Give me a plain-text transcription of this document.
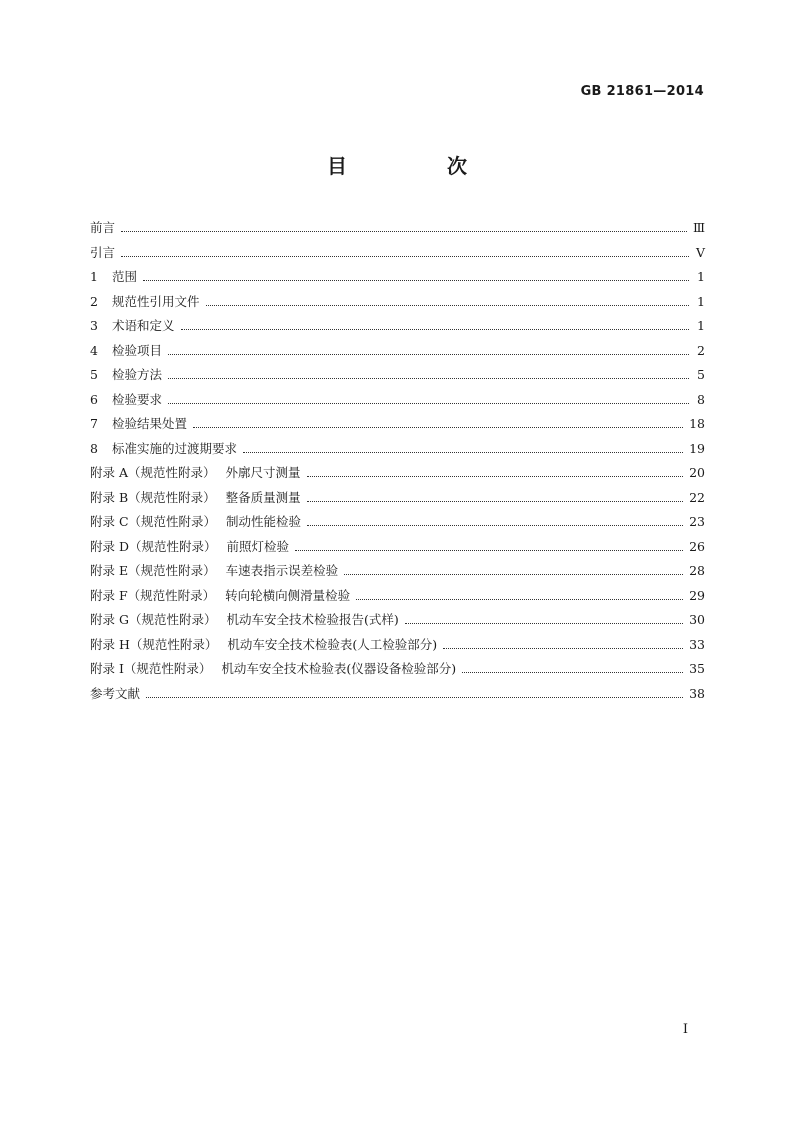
GB 21861—2014
目　次
前言	Ⅲ
引言	Ⅴ
1 范围	1
2 规范性引用文件	1
3 术语和定义	1
4 检验项目	2
5 检验方法	5
6 检验要求	8
7 检验结果处置	18
8 标准实施的过渡期要求	19
附录 A（规范性附录） 外廓尺寸测量	20
附录 B（规范性附录） 整备质量测量	22
附录 C（规范性附录） 制动性能检验	23
附录 D（规范性附录） 前照灯检验	26
附录 E（规范性附录） 车速表指示误差检验	28
附录 F（规范性附录） 转向轮横向侧滑量检验	29
附录 G（规范性附录） 机动车安全技术检验报告(式样)	30
附录 H（规范性附录） 机动车安全技术检验表(人工检验部分)	33
附录 I（规范性附录） 机动车安全技术检验表(仪器设备检验部分)	35
参考文献	38
Ⅰ
